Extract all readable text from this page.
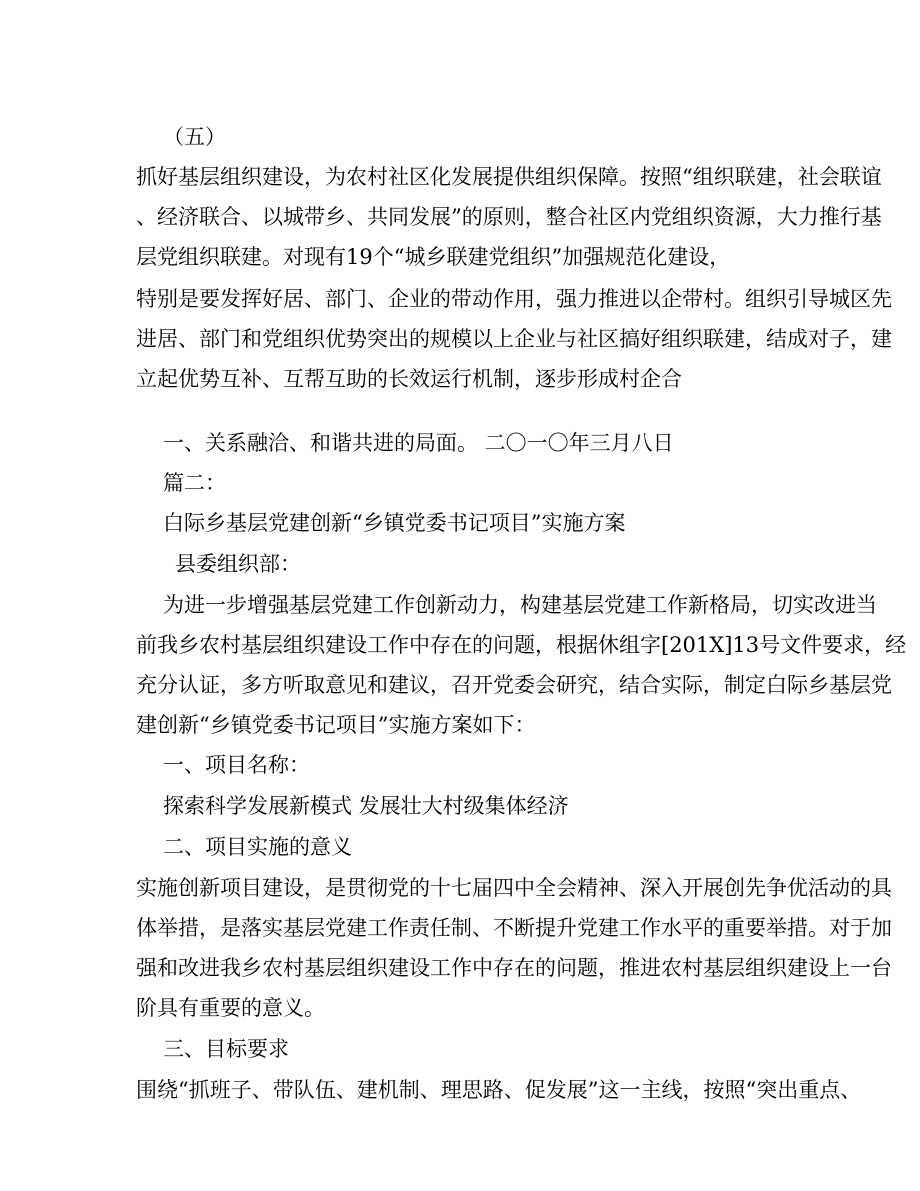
（五）
抓好基层组织建设，为农村社区化发展提供组织保障。按照“组织联建，社会联谊
、经济联合、以城带乡、共同发展”的原则，整合社区内党组织资源，大力推行基
层党组织联建。对现有19个“城乡联建党组织”加强规范化建设，
特别是要发挥好居、部门、企业的带动作用，强力推进以企带村。组织引导城区先
进居、部门和党组织优势突出的规模以上企业与社区搞好组织联建，结成对子，建
立起优势互补、互帮互助的长效运行机制，逐步形成村企合
一、关系融洽、和谐共进的局面。 二〇一〇年三月八日
篇二：
白际乡基层党建创新“乡镇党委书记项目”实施方案
县委组织部：
为进一步增强基层党建工作创新动力，构建基层党建工作新格局，切实改进当
前我乡农村基层组织建设工作中存在的问题，根据休组字[201X]13号文件要求，经
充分认证，多方听取意见和建议，召开党委会研究，结合实际，制定白际乡基层党
建创新“乡镇党委书记项目”实施方案如下：
一、项目名称：
探索科学发展新模式 发展壮大村级集体经济
二、项目实施的意义
实施创新项目建设，是贯彻党的十七届四中全会精神、深入开展创先争优活动的具
体举措，是落实基层党建工作责任制、不断提升党建工作水平的重要举措。对于加
强和改进我乡农村基层组织建设工作中存在的问题，推进农村基层组织建设上一台
阶具有重要的意义。
三、目标要求
围绕“抓班子、带队伍、建机制、理思路、促发展”这一主线，按照“突出重点、
